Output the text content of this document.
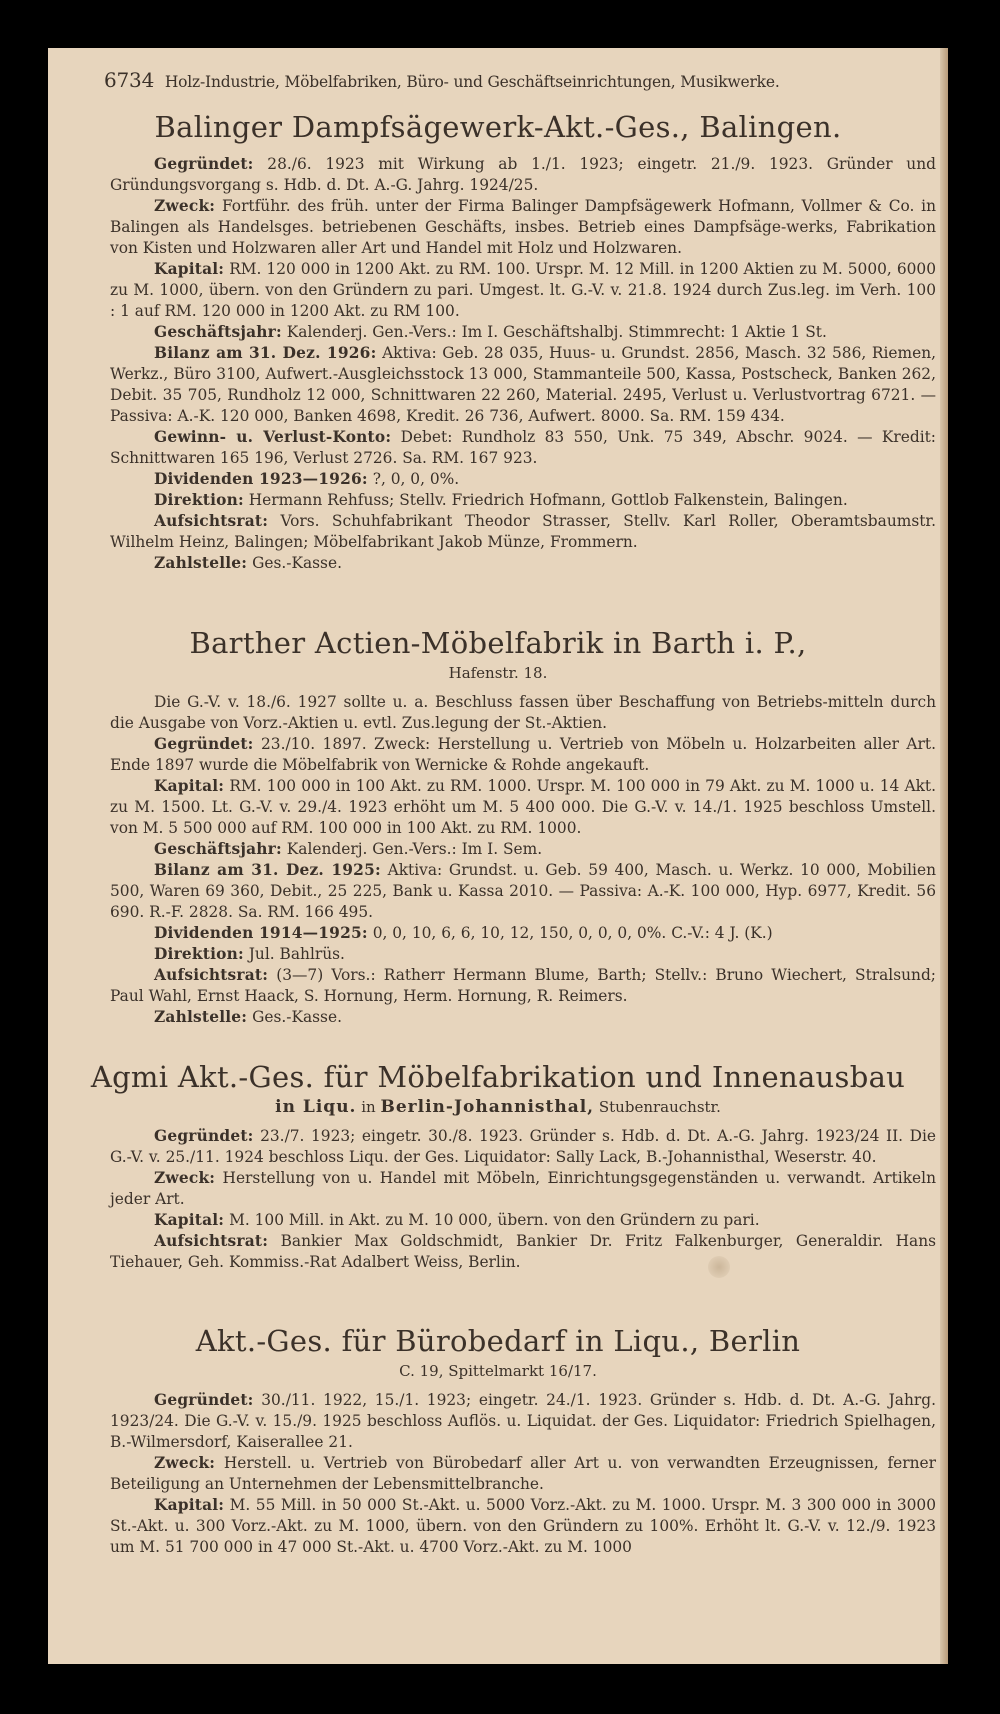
6734 Holz-Industrie, Möbelfabriken, Büro- und Geschäftseinrichtungen, Musikwerke.
Balinger Dampfsägewerk-Akt.-Ges., Balingen.

Gegründet: 28./6. 1923 mit Wirkung ab 1./1. 1923; eingetr. 21./9. 1923. Gründer und Gründungsvorgang s. Hdb. d. Dt. A.-G. Jahrg. 1924/25.

Zweck: Fortführ. des früh. unter der Firma Balinger Dampfsägewerk Hofmann, Vollmer & Co. in Balingen als Handelsges. betriebenen Geschäfts, insbes. Betrieb eines Dampfsäge-werks, Fabrikation von Kisten und Holzwaren aller Art und Handel mit Holz und Holzwaren.

Kapital: RM. 120 000 in 1200 Akt. zu RM. 100. Urspr. M. 12 Mill. in 1200 Aktien zu M. 5000, 6000 zu M. 1000, übern. von den Gründern zu pari. Umgest. lt. G.-V. v. 21.8. 1924 durch Zus.leg. im Verh. 100 : 1 auf RM. 120 000 in 1200 Akt. zu RM 100.

Geschäftsjahr: Kalenderj. Gen.-Vers.: Im I. Geschäftshalbj. Stimmrecht: 1 Aktie 1 St.

Bilanz am 31. Dez. 1926: Aktiva: Geb. 28 035, Huus- u. Grundst. 2856, Masch. 32 586, Riemen, Werkz., Büro 3100, Aufwert.-Ausgleichsstock 13 000, Stammanteile 500, Kassa, Postscheck, Banken 262, Debit. 35 705, Rundholz 12 000, Schnittwaren 22 260, Material. 2495, Verlust u. Verlustvortrag 6721. — Passiva: A.-K. 120 000, Banken 4698, Kredit. 26 736, Aufwert. 8000. Sa. RM. 159 434.

Gewinn- u. Verlust-Konto: Debet: Rundholz 83 550, Unk. 75 349, Abschr. 9024. — Kredit: Schnittwaren 165 196, Verlust 2726. Sa. RM. 167 923.

Dividenden 1923—1926: ?, 0, 0, 0%.

Direktion: Hermann Rehfuss; Stellv. Friedrich Hofmann, Gottlob Falkenstein, Balingen.

Aufsichtsrat: Vors. Schuhfabrikant Theodor Strasser, Stellv. Karl Roller, Oberamtsbaumstr. Wilhelm Heinz, Balingen; Möbelfabrikant Jakob Münze, Frommern.

Zahlstelle: Ges.-Kasse.

Barther Actien-Möbelfabrik in Barth i. P.,

Hafenstr. 18.

Die G.-V. v. 18./6. 1927 sollte u. a. Beschluss fassen über Beschaffung von Betriebs-mitteln durch die Ausgabe von Vorz.-Aktien u. evtl. Zus.legung der St.-Aktien.

Gegründet: 23./10. 1897. Zweck: Herstellung u. Vertrieb von Möbeln u. Holzarbeiten aller Art. Ende 1897 wurde die Möbelfabrik von Wernicke & Rohde angekauft.

Kapital: RM. 100 000 in 100 Akt. zu RM. 1000. Urspr. M. 100 000 in 79 Akt. zu M. 1000 u. 14 Akt. zu M. 1500. Lt. G.-V. v. 29./4. 1923 erhöht um M. 5 400 000. Die G.-V. v. 14./1. 1925 beschloss Umstell. von M. 5 500 000 auf RM. 100 000 in 100 Akt. zu RM. 1000.

Geschäftsjahr: Kalenderj. Gen.-Vers.: Im I. Sem.

Bilanz am 31. Dez. 1925: Aktiva: Grundst. u. Geb. 59 400, Masch. u. Werkz. 10 000, Mobilien 500, Waren 69 360, Debit., 25 225, Bank u. Kassa 2010. — Passiva: A.-K. 100 000, Hyp. 6977, Kredit. 56 690. R.-F. 2828. Sa. RM. 166 495.

Dividenden 1914—1925: 0, 0, 10, 6, 6, 10, 12, 150, 0, 0, 0, 0%. C.-V.: 4 J. (K.)

Direktion: Jul. Bahlrüs.

Aufsichtsrat: (3—7) Vors.: Ratherr Hermann Blume, Barth; Stellv.: Bruno Wiechert, Stralsund; Paul Wahl, Ernst Haack, S. Hornung, Herm. Hornung, R. Reimers.

Zahlstelle: Ges.-Kasse.

Agmi Akt.-Ges. für Möbelfabrikation und Innenausbau

in Liqu. in Berlin-Johannisthal, Stubenrauchstr.

Gegründet: 23./7. 1923; eingetr. 30./8. 1923. Gründer s. Hdb. d. Dt. A.-G. Jahrg. 1923/24 II. Die G.-V. v. 25./11. 1924 beschloss Liqu. der Ges. Liquidator: Sally Lack, B.-Johannisthal, Weserstr. 40.

Zweck: Herstellung von u. Handel mit Möbeln, Einrichtungsgegenständen u. verwandt. Artikeln jeder Art.

Kapital: M. 100 Mill. in Akt. zu M. 10 000, übern. von den Gründern zu pari.

Aufsichtsrat: Bankier Max Goldschmidt, Bankier Dr. Fritz Falkenburger, Generaldir. Hans Tiehauer, Geh. Kommiss.-Rat Adalbert Weiss, Berlin.

Akt.-Ges. für Bürobedarf in Liqu., Berlin

C. 19, Spittelmarkt 16/17.

Gegründet: 30./11. 1922, 15./1. 1923; eingetr. 24./1. 1923. Gründer s. Hdb. d. Dt. A.-G. Jahrg. 1923/24. Die G.-V. v. 15./9. 1925 beschloss Auflös. u. Liquidat. der Ges. Liquidator: Friedrich Spielhagen, B.-Wilmersdorf, Kaiserallee 21.

Zweck: Herstell. u. Vertrieb von Bürobedarf aller Art u. von verwandten Erzeugnissen, ferner Beteiligung an Unternehmen der Lebensmittelbranche.

Kapital: M. 55 Mill. in 50 000 St.-Akt. u. 5000 Vorz.-Akt. zu M. 1000. Urspr. M. 3 300 000 in 3000 St.-Akt. u. 300 Vorz.-Akt. zu M. 1000, übern. von den Gründern zu 100%. Erhöht lt. G.-V. v. 12./9. 1923 um M. 51 700 000 in 47 000 St.-Akt. u. 4700 Vorz.-Akt. zu M. 1000
